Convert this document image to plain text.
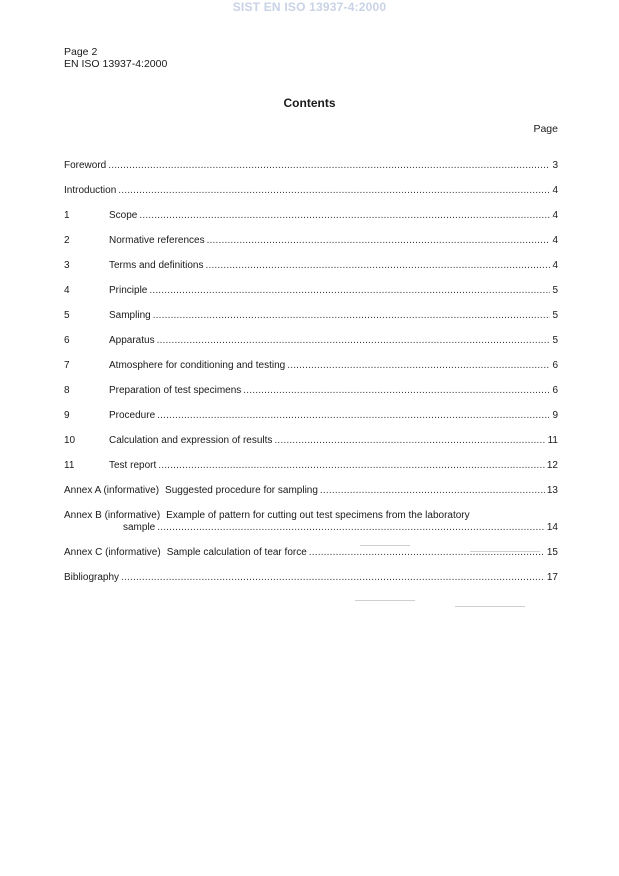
SIST EN ISO 13937-4:2000
Page 2
EN ISO 13937-4:2000
Contents
Page
Foreword .....	3
Introduction .....	4
1	Scope .....	4
2	Normative references .....	4
3	Terms and definitions .....	4
4	Principle .....	5
5	Sampling .....	5
6	Apparatus .....	5
7	Atmosphere for conditioning and testing .....	6
8	Preparation of test specimens .....	6
9	Procedure .....	9
10	Calculation and expression of results .....	11
11	Test report .....	12
Annex A (informative) Suggested procedure for sampling .....	13
Annex B (informative) Example of pattern for cutting out test specimens from the laboratory
sample .....	14
Annex C (informative) Sample calculation of tear force .....	15
Bibliography .....	17
